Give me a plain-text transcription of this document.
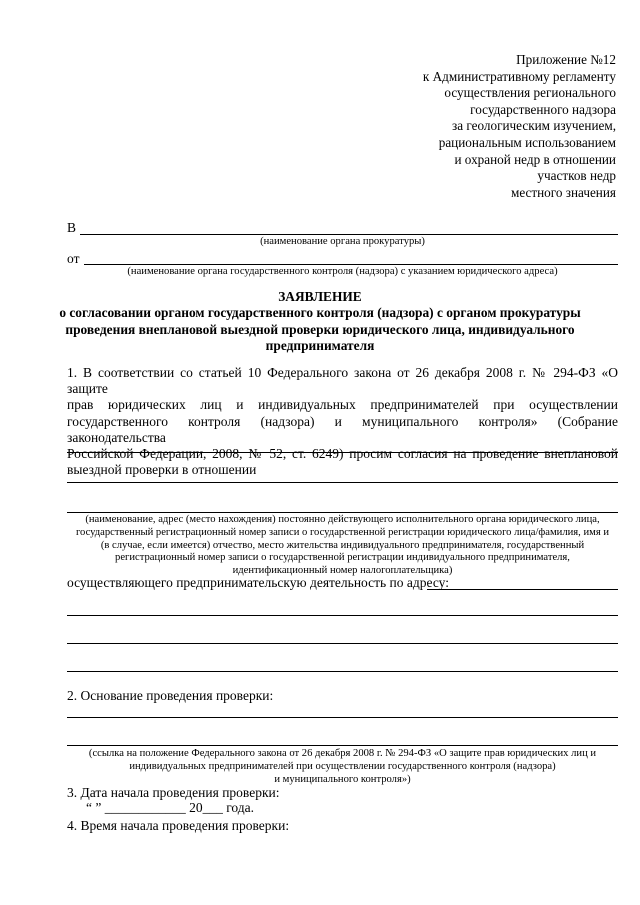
Приложение №12
к Административному регламенту
осуществления регионального
государственного надзора
за геологическим изучением,
рациональным использованием
и охраной недр в отношении
участков недр
местного значения
В
(наименование органа прокуратуры)
от
(наименование органа государственного контроля (надзора) с указанием юридического адреса)
ЗАЯВЛЕНИЕ
о согласовании органом государственного контроля (надзора) с органом прокуратуры
проведения внеплановой выездной проверки юридического лица, индивидуального
предпринимателя
1. В соответствии со статьей 10 Федерального закона от 26 декабря 2008 г. № 294-ФЗ «О защите
прав юридических лиц и индивидуальных предпринимателей при осуществлении
государственного контроля (надзора) и муниципального контроля» (Собрание законодательства
Российской Федерации, 2008, № 52, ст. 6249) просим согласия на проведение внеплановой
выездной проверки в отношении
(наименование, адрес (место нахождения) постоянно действующего исполнительного органа юридического лица,
государственный регистрационный номер записи о государственной регистрации юридического лица/фамилия, имя и
(в случае, если имеется) отчество, место жительства индивидуального предпринимателя, государственный
регистрационный номер записи о государственной регистрации индивидуального предпринимателя,
идентификационный номер налогоплательщика)
осуществляющего предпринимательскую деятельность по адресу:
2. Основание проведения проверки:
(ссылка на положение Федерального закона от 26 декабря 2008 г. № 294-ФЗ «О защите прав юридических лиц и
индивидуальных предпринимателей при осуществлении государственного контроля (надзора)
и муниципального контроля»)
3. Дата начала проведения проверки:
“ ” ____________ 20___ года.
4. Время начала проведения проверки:
